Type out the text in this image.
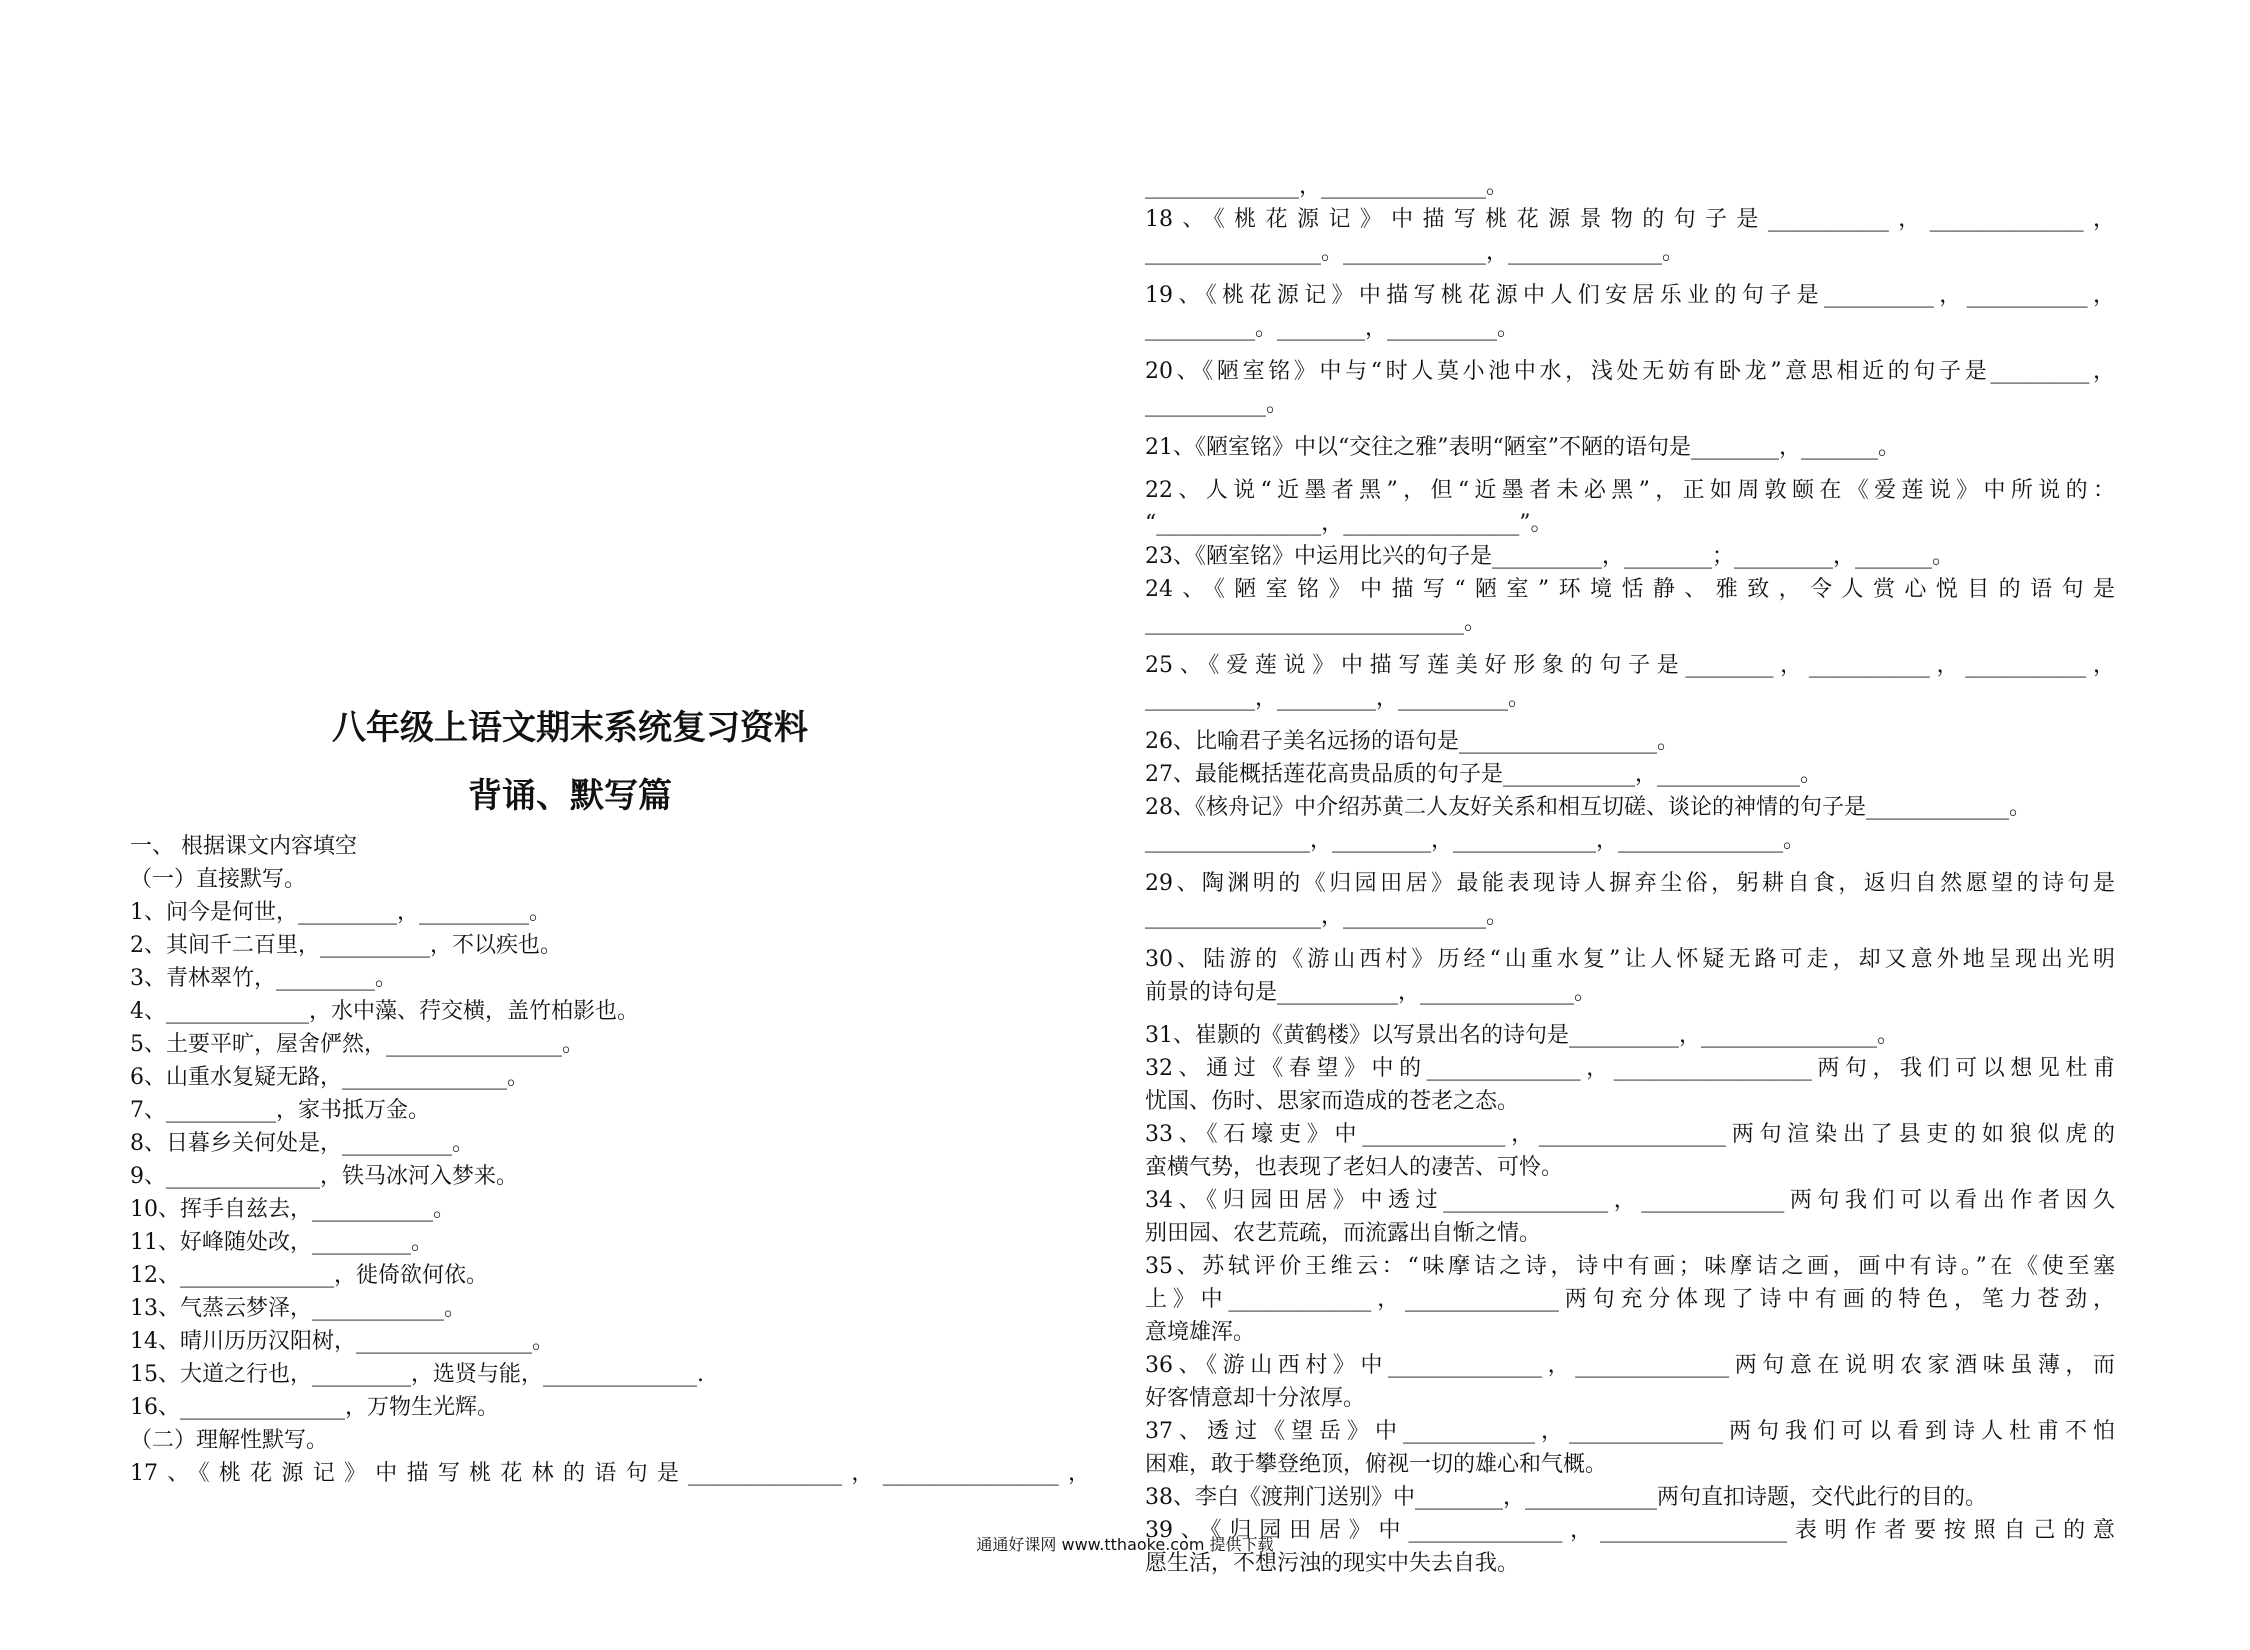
八年级上语文期末系统复习资料
背诵、默写篇
一、 根据课文内容填空
（一）直接默写。
1、问今是何世，_________，__________。
2、其间千二百里，__________，不以疾也。
3、青林翠竹，_________。
4、_____________，水中藻、荇交横，盖竹柏影也。
5、土要平旷，屋舍俨然，________________。
6、山重水复疑无路，_______________。
7、__________，家书抵万金。
8、日暮乡关何处是，__________。
9、______________，铁马冰河入梦来。
10、挥手自兹去，___________。
11、好峰随处改，_________。
12、______________，徙倚欲何依。
13、气蒸云梦泽，____________。
14、晴川历历汉阳树，________________。
15、大道之行也，_________，选贤与能，______________.
16、_______________，万物生光辉。
（二）理解性默写。
17、《桃花源记》中描写桃花林的语句是______________，________________，
______________，_______________。
18、《桃花源记》中描写桃花源景物的句子是___________，______________，
________________。_____________，______________。
19、《桃花源记》中描写桃花源中人们安居乐业的句子是__________，___________，
__________。________，__________。
20、《陋室铭》中与“时人莫小池中水，浅处无妨有卧龙”意思相近的句子是_________，
___________。
21、《陋室铭》中以“交往之雅”表明“陋室”不陋的语句是________，_______。
22、人说“近墨者黑”，但“近墨者未必黑”，正如周敦颐在《爱莲说》中所说的：
“_______________，________________”。
23、《陋室铭》中运用比兴的句子是__________，________；_________，_______。
24、《陋室铭》中描写“陋室”环境恬静、雅致，令人赏心悦目的语句是
_____________________________。
25、《爱莲说》中描写莲美好形象的句子是________，___________，___________，
__________，_________，__________。
26、比喻君子美名远扬的语句是__________________。
27、最能概括莲花高贵品质的句子是____________，_____________。
28、《核舟记》中介绍苏黄二人友好关系和相互切磋、谈论的神情的句子是_____________。
_______________，_________，_____________，_______________。
29、陶渊明的《归园田居》最能表现诗人摒弃尘俗，躬耕自食，返归自然愿望的诗句是
________________，_____________。
30、陆游的《游山西村》历经“山重水复”让人怀疑无路可走，却又意外地呈现出光明
前景的诗句是___________，______________。
31、崔颢的《黄鹤楼》以写景出名的诗句是__________，________________。
32、通过《春望》中的______________，__________________两句，我们可以想见杜甫
忧国、伤时、思家而造成的苍老之态。
33、《石壕吏》中_____________，_________________两句渲染出了县吏的如狼似虎的
蛮横气势，也表现了老妇人的凄苦、可怜。
34、《归园田居》中透过_______________，_____________两句我们可以看出作者因久
别田园、农艺荒疏，而流露出自惭之情。
35、苏轼评价王维云：“味摩诘之诗，诗中有画；味摩诘之画，画中有诗。”在《使至塞
上》中_____________，______________两句充分体现了诗中有画的特色，笔力苍劲，
意境雄浑。
36、《游山西村》中______________，______________两句意在说明农家酒味虽薄，而
好客情意却十分浓厚。
37、透过《望岳》中____________，______________两句我们可以看到诗人杜甫不怕
困难，敢于攀登绝顶，俯视一切的雄心和气概。
38、李白《渡荆门送别》中________，____________两句直扣诗题，交代此行的目的。
39、《归园田居》中______________，_________________表明作者要按照自己的意
愿生活，不想污浊的现实中失去自我。
通通好课网 www.tthaoke.com 提供下载
